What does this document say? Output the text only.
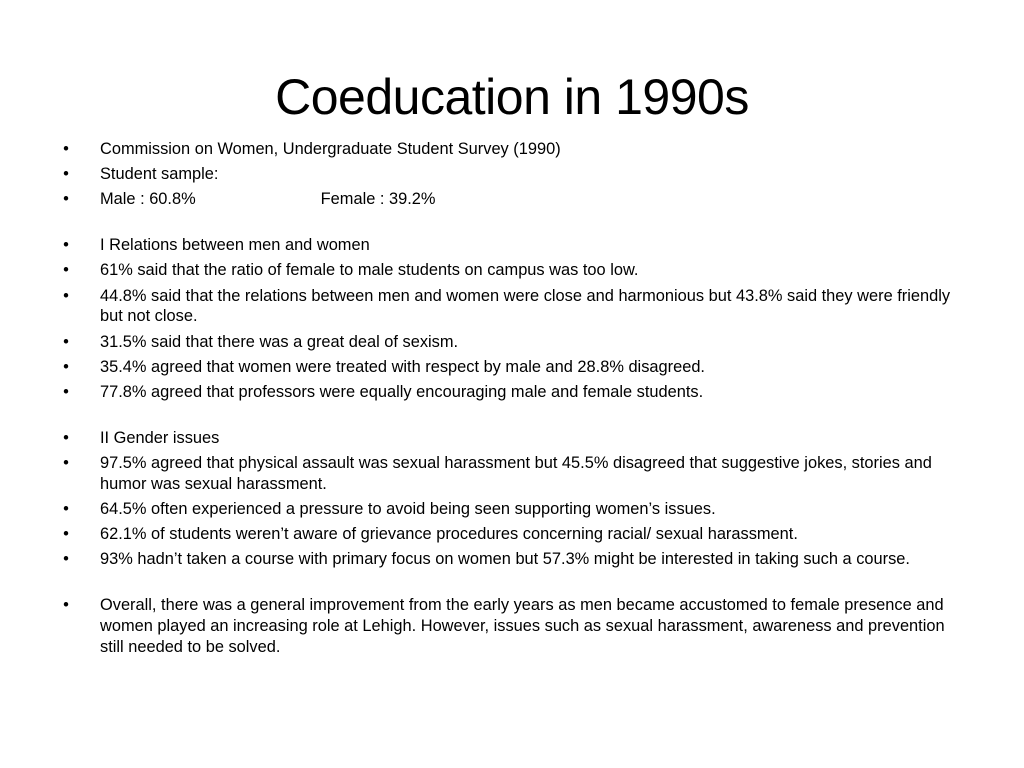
Coeducation in 1990s
• Commission on Women, Undergraduate Student Survey (1990)
• Student sample:
• Male : 60.8%	Female : 39.2%
• I Relations between men and women
• 61% said that the ratio of female to male students on campus was too low.
• 44.8% said that the relations between men and women were close and harmonious but 43.8% said they were friendly but not close.
• 31.5% said that there was a great deal of sexism.
• 35.4% agreed that women were treated with respect by male and 28.8% disagreed.
• 77.8% agreed that professors were equally encouraging male and female students.
• II Gender issues
• 97.5% agreed that physical assault was sexual harassment but 45.5% disagreed that suggestive jokes, stories and humor was sexual harassment.
• 64.5% often experienced a pressure to avoid being seen supporting women’s issues.
• 62.1% of students weren’t aware of grievance procedures concerning racial/ sexual harassment.
• 93% hadn’t taken a course with primary focus on women but 57.3% might be interested in taking such a course.
• Overall, there was a general improvement from the early years as men became accustomed to female presence and women played an increasing role at Lehigh. However, issues such as sexual harassment, awareness and prevention still needed to be solved.
